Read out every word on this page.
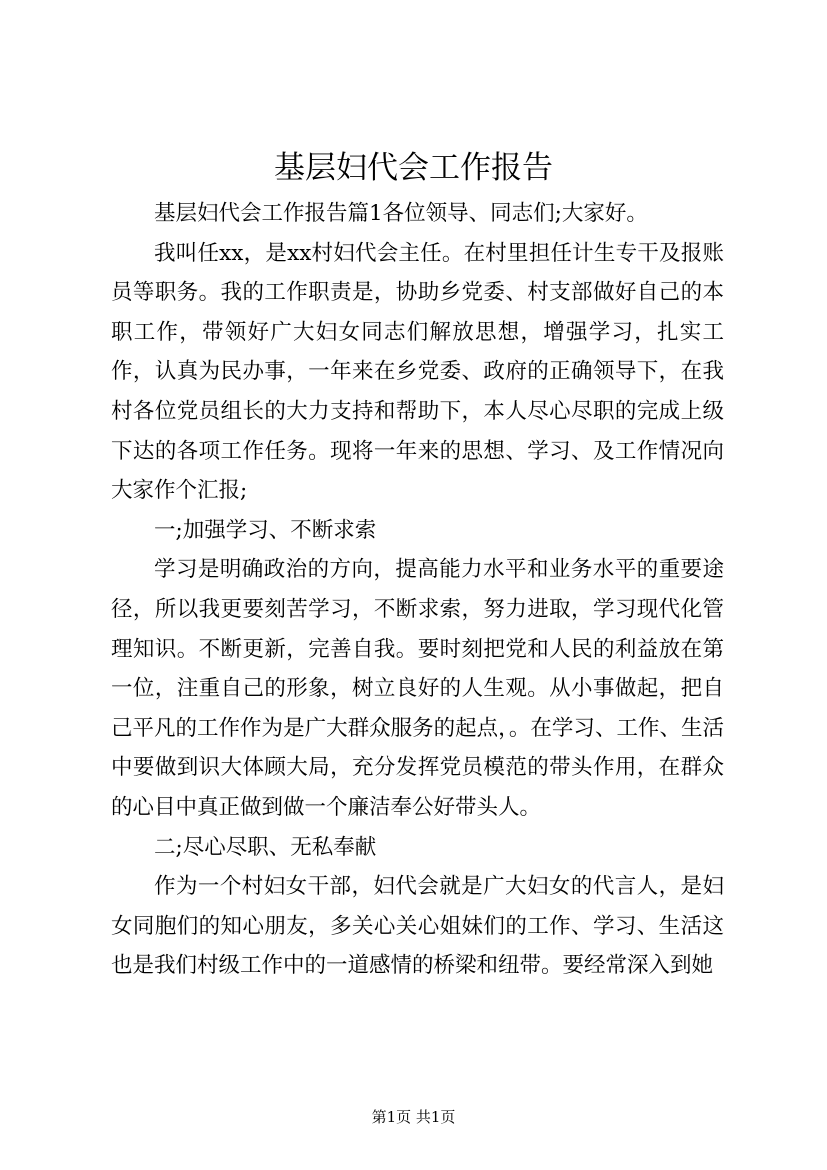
基层妇代会工作报告

基层妇代会工作报告篇1各位领导、同志们;大家好。

我叫任xx，是xx村妇代会主任。在村里担任计生专干及报账员等职务。我的工作职责是，协助乡党委、村支部做好自己的本职工作，带领好广大妇女同志们解放思想，增强学习，扎实工作，认真为民办事，一年来在乡党委、政府的正确领导下，在我村各位党员组长的大力支持和帮助下，本人尽心尽职的完成上级下达的各项工作任务。现将一年来的思想、学习、及工作情况向大家作个汇报;

一;加强学习、不断求索

学习是明确政治的方向，提高能力水平和业务水平的重要途径，所以我更要刻苦学习，不断求索，努力进取，学习现代化管理知识。不断更新，完善自我。要时刻把党和人民的利益放在第一位，注重自己的形象，树立良好的人生观。从小事做起，把自己平凡的工作作为是广大群众服务的起点，。在学习、工作、生活中要做到识大体顾大局，充分发挥党员模范的带头作用，在群众的心目中真正做到做一个廉洁奉公好带头人。

二;尽心尽职、无私奉献

作为一个村妇女干部，妇代会就是广大妇女的代言人，是妇女同胞们的知心朋友，多关心关心姐妹们的工作、学习、生活这也是我们村级工作中的一道感情的桥梁和纽带。要经常深入到她

第1页 共1页
